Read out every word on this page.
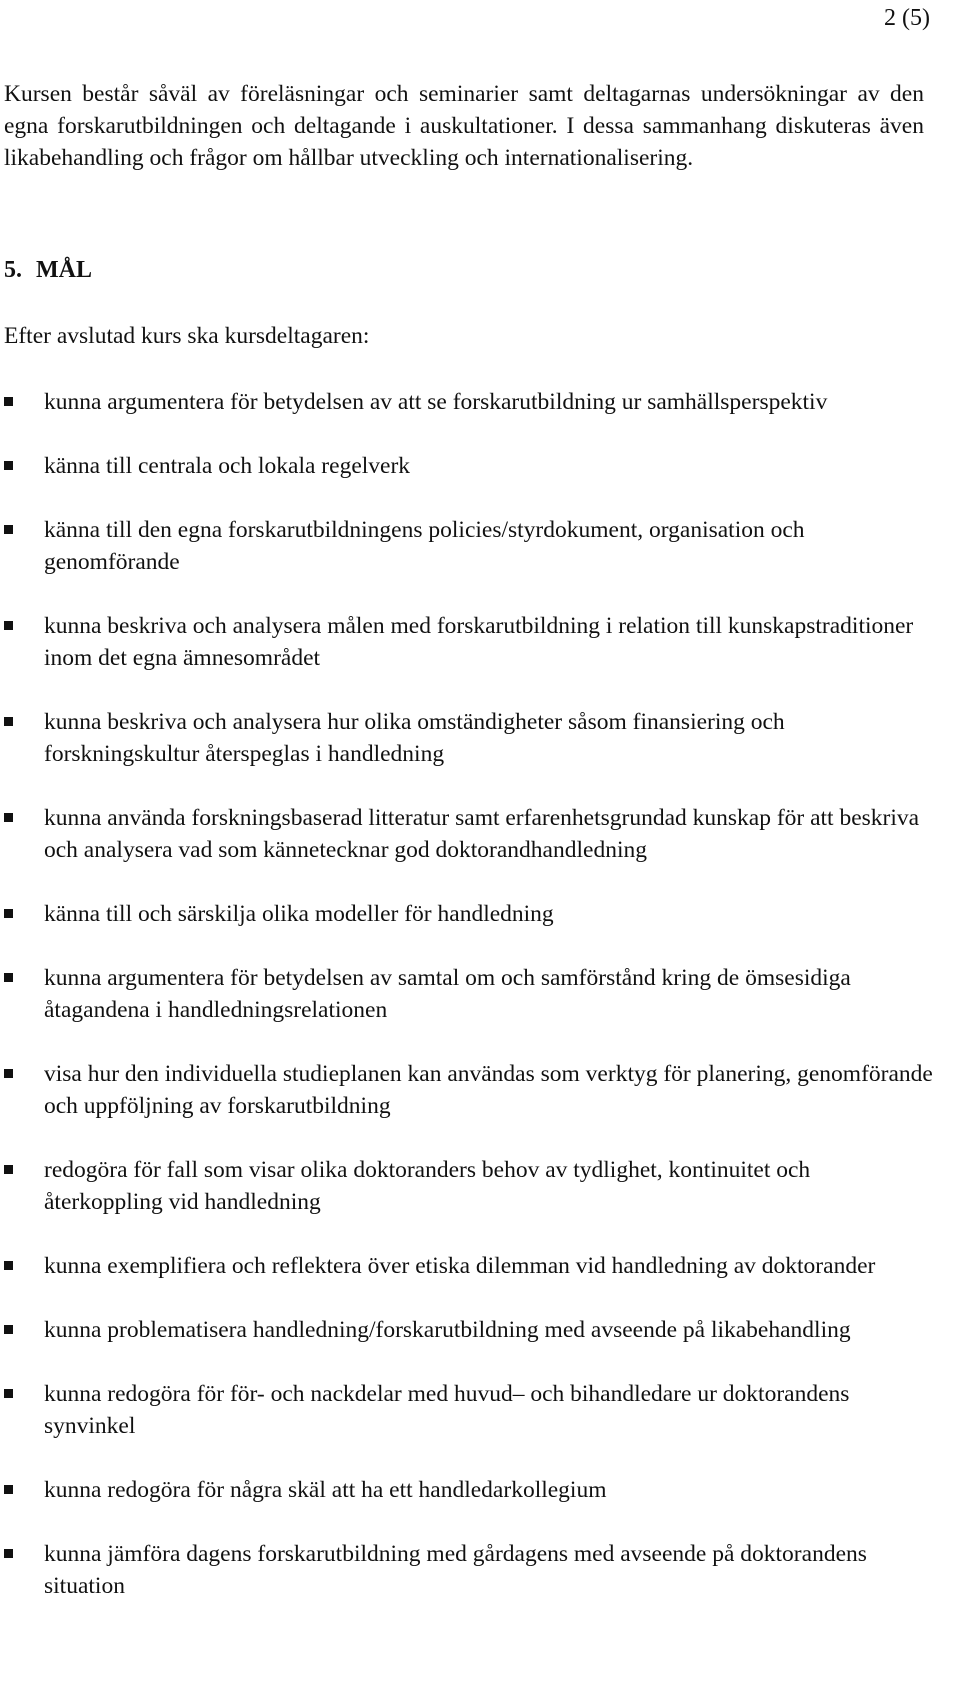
2 (5)

Kursen består såväl av föreläsningar och seminarier samt deltagarnas undersökningar av den egna forskarutbildningen och deltagande i auskultationer. I dessa sammanhang diskuteras även likabehandling och frågor om hållbar utveckling och internationalisering.

5. MÅL

Efter avslutad kurs ska kursdeltagaren:

kunna argumentera för betydelsen av att se forskarutbildning ur samhällsperspektiv
känna till centrala och lokala regelverk
känna till den egna forskarutbildningens policies/styrdokument, organisation och genomförande
kunna beskriva och analysera målen med forskarutbildning i relation till kunskapstraditioner inom det egna ämnesområdet
kunna beskriva och analysera hur olika omständigheter såsom finansiering och forskningskultur återspeglas i handledning
kunna använda forskningsbaserad litteratur samt erfarenhetsgrundad kunskap för att beskriva och analysera vad som kännetecknar god doktorandhandledning
känna till och särskilja olika modeller för handledning
kunna argumentera för betydelsen av samtal om och samförstånd kring de ömsesidiga åtagandena i handledningsrelationen
visa hur den individuella studieplanen kan användas som verktyg för planering, genomförande och uppföljning av forskarutbildning
redogöra för fall som visar olika doktoranders behov av tydlighet, kontinuitet och återkoppling vid handledning
kunna exemplifiera och reflektera över etiska dilemman vid handledning av doktorander
kunna problematisera handledning/forskarutbildning med avseende på likabehandling
kunna redogöra för för- och nackdelar med huvud– och bihandledare ur doktorandens synvinkel
kunna redogöra för några skäl att ha ett handledarkollegium
kunna jämföra dagens forskarutbildning med gårdagens med avseende på doktorandens situation
